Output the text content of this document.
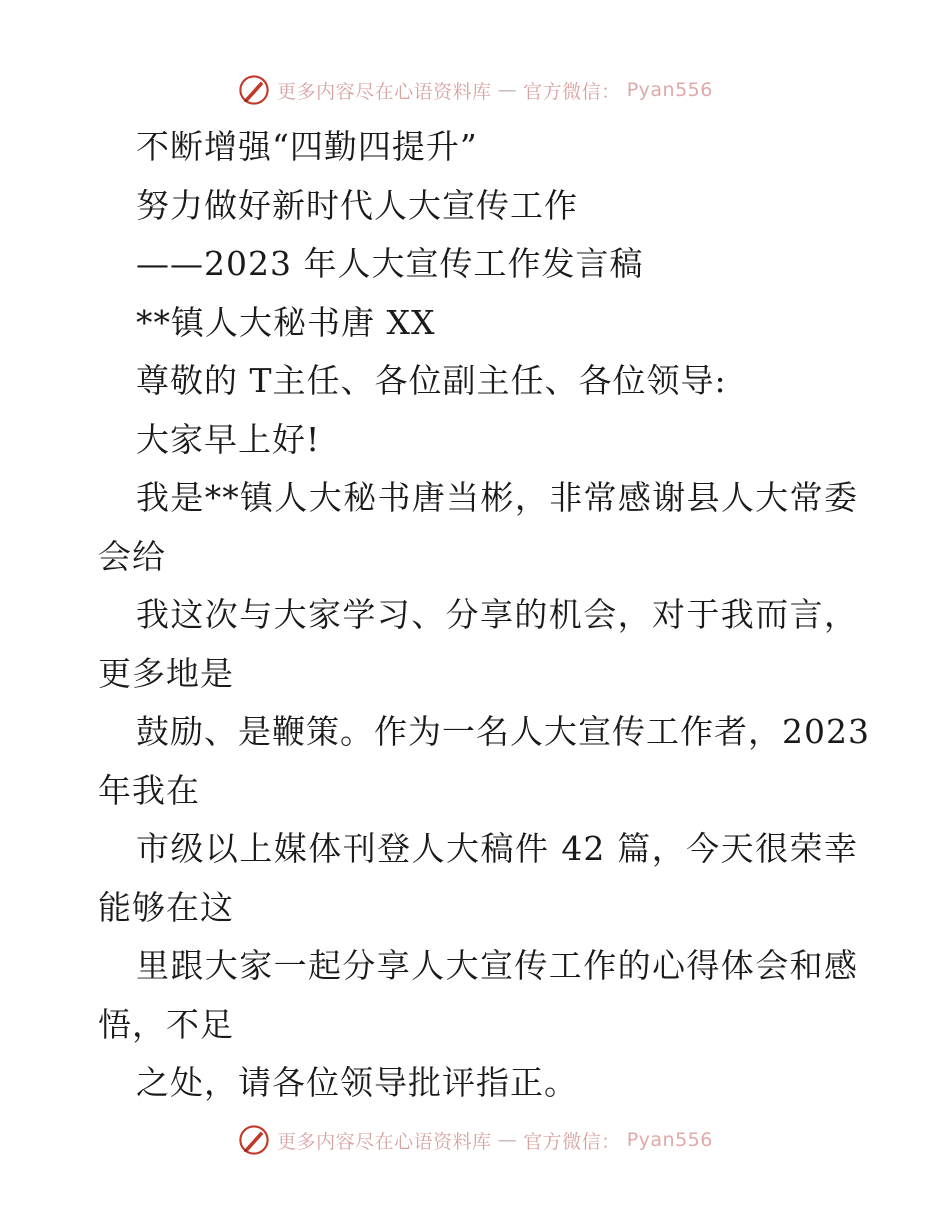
更多内容尽在心语资料库 — 官方微信： Pyan556
不断增强“四勤四提升”
努力做好新时代人大宣传工作
——2023 年人大宣传工作发言稿
**镇人大秘书唐 XX
尊敬的 T主任、各位副主任、各位领导:
大家早上好!
我是**镇人大秘书唐当彬，非常感谢县人大常委
会给
我这次与大家学习、分享的机会，对于我而言，
更多地是
鼓励、是鞭策。作为一名人大宣传工作者，2023
年我在
市级以上媒体刊登人大稿件 42 篇，今天很荣幸
能够在这
里跟大家一起分享人大宣传工作的心得体会和感
悟，不足
之处，请各位领导批评指正。
更多内容尽在心语资料库 — 官方微信： Pyan556
